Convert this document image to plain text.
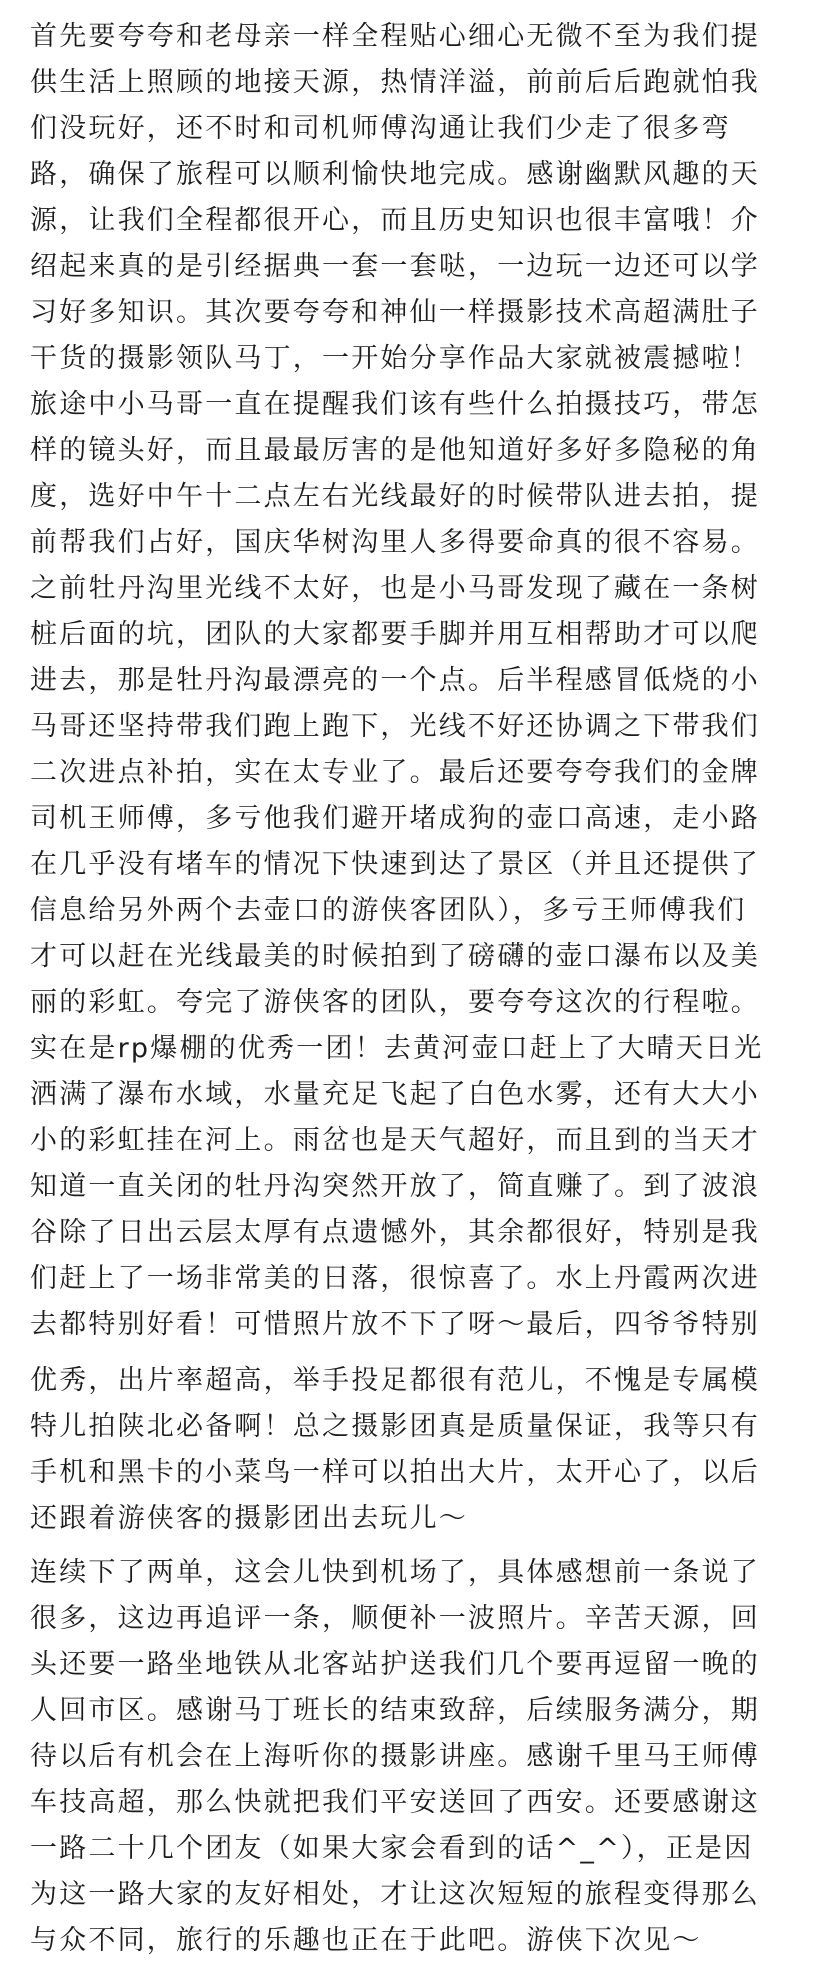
首先要夸夸和老母亲一样全程贴心细心无微不至为我们提
供生活上照顾的地接天源，热情洋溢，前前后后跑就怕我
们没玩好，还不时和司机师傅沟通让我们少走了很多弯
路，确保了旅程可以顺利愉快地完成。感谢幽默风趣的天
源，让我们全程都很开心，而且历史知识也很丰富哦！介
绍起来真的是引经据典一套一套哒，一边玩一边还可以学
习好多知识。其次要夸夸和神仙一样摄影技术高超满肚子
干货的摄影领队马丁，一开始分享作品大家就被震撼啦！
旅途中小马哥一直在提醒我们该有些什么拍摄技巧，带怎
样的镜头好，而且最最厉害的是他知道好多好多隐秘的角
度，选好中午十二点左右光线最好的时候带队进去拍，提
前帮我们占好，国庆华树沟里人多得要命真的很不容易。
之前牡丹沟里光线不太好，也是小马哥发现了藏在一条树
桩后面的坑，团队的大家都要手脚并用互相帮助才可以爬
进去，那是牡丹沟最漂亮的一个点。后半程感冒低烧的小
马哥还坚持带我们跑上跑下，光线不好还协调之下带我们
二次进点补拍，实在太专业了。最后还要夸夸我们的金牌
司机王师傅，多亏他我们避开堵成狗的壶口高速，走小路
在几乎没有堵车的情况下快速到达了景区（并且还提供了
信息给另外两个去壶口的游侠客团队），多亏王师傅我们
才可以赶在光线最美的时候拍到了磅礴的壶口瀑布以及美
丽的彩虹。夸完了游侠客的团队，要夸夸这次的行程啦。
实在是rp爆棚的优秀一团！去黄河壶口赶上了大晴天日光
洒满了瀑布水域，水量充足飞起了白色水雾，还有大大小
小的彩虹挂在河上。雨岔也是天气超好，而且到的当天才
知道一直关闭的牡丹沟突然开放了，简直赚了。到了波浪
谷除了日出云层太厚有点遗憾外，其余都很好，特别是我
们赶上了一场非常美的日落，很惊喜了。水上丹霞两次进
去都特别好看！可惜照片放不下了呀～最后，四爷爷特别
优秀，出片率超高，举手投足都很有范儿，不愧是专属模
特儿拍陕北必备啊！总之摄影团真是质量保证，我等只有
手机和黑卡的小菜鸟一样可以拍出大片，太开心了，以后
还跟着游侠客的摄影团出去玩儿～
连续下了两单，这会儿快到机场了，具体感想前一条说了
很多，这边再追评一条，顺便补一波照片。辛苦天源，回
头还要一路坐地铁从北客站护送我们几个要再逗留一晚的
人回市区。感谢马丁班长的结束致辞，后续服务满分，期
待以后有机会在上海听你的摄影讲座。感谢千里马王师傅
车技高超，那么快就把我们平安送回了西安。还要感谢这
一路二十几个团友（如果大家会看到的话^_^），正是因
为这一路大家的友好相处，才让这次短短的旅程变得那么
与众不同，旅行的乐趣也正在于此吧。游侠下次见～
